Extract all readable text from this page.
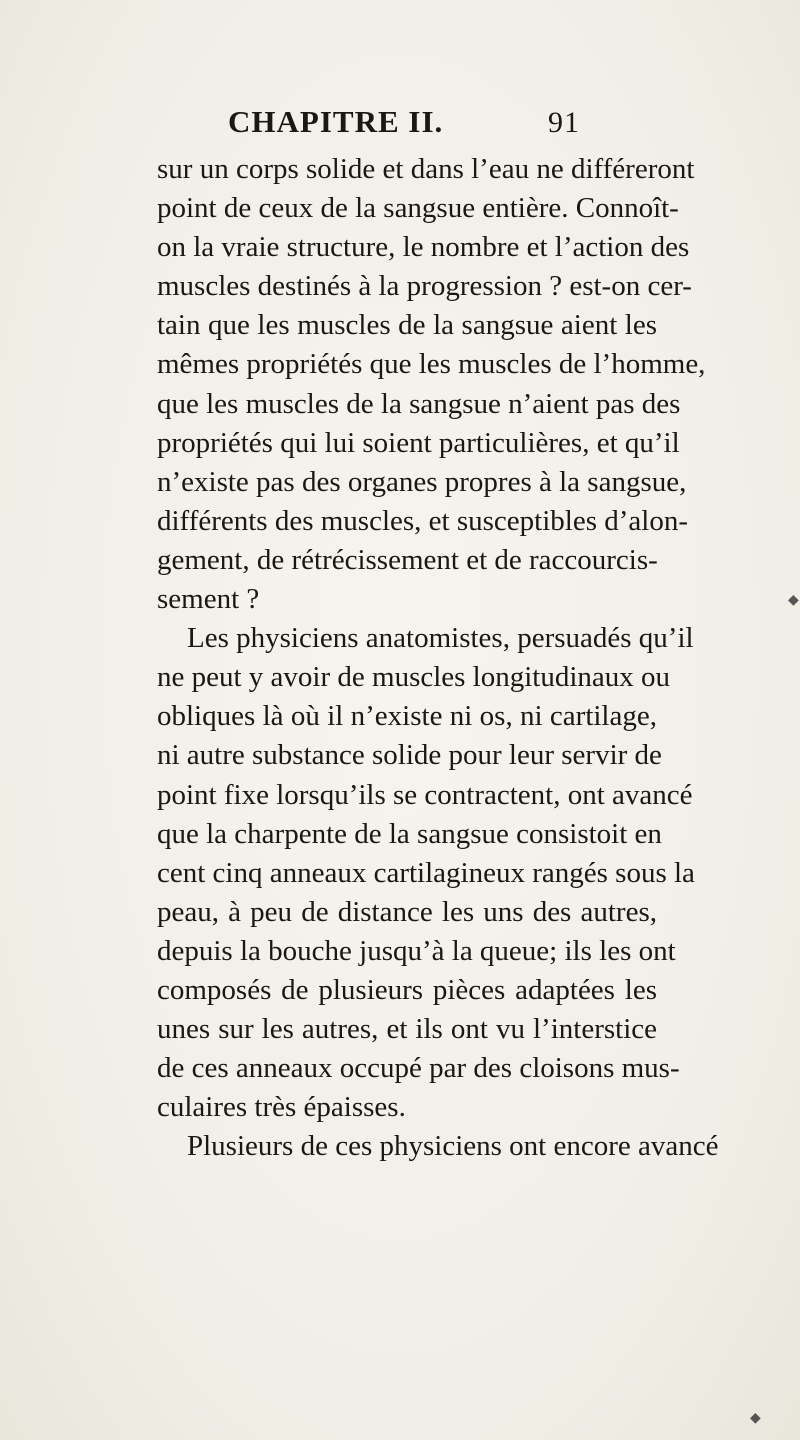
CHAPITRE II.	91
sur un corps solide et dans l’eau ne différeront
point de ceux de la sangsue entière. Connoît-
on la vraie structure, le nombre et l’action des
muscles destinés à la progression ? est-on cer-
tain que les muscles de la sangsue aient les
mêmes propriétés que les muscles de l’homme,
que les muscles de la sangsue n’aient pas des
propriétés qui lui soient particulières, et qu’il
n’existe pas des organes propres à la sangsue,
différents des muscles, et susceptibles d’alon-
gement, de rétrécissement et de raccourcis-
sement ?
Les physiciens anatomistes, persuadés qu’il
ne peut y avoir de muscles longitudinaux ou
obliques là où il n’existe ni os, ni cartilage,
ni autre substance solide pour leur servir de
point fixe lorsqu’ils se contractent, ont avancé
que la charpente de la sangsue consistoit en
cent cinq anneaux cartilagineux rangés sous la
peau, à peu de distance les uns des autres,
depuis la bouche jusqu’à la queue; ils les ont
composés de plusieurs pièces adaptées les
unes sur les autres, et ils ont vu l’interstice
de ces anneaux occupé par des cloisons mus-
culaires très épaisses.
Plusieurs de ces physiciens ont encore avancé
◆
◆
